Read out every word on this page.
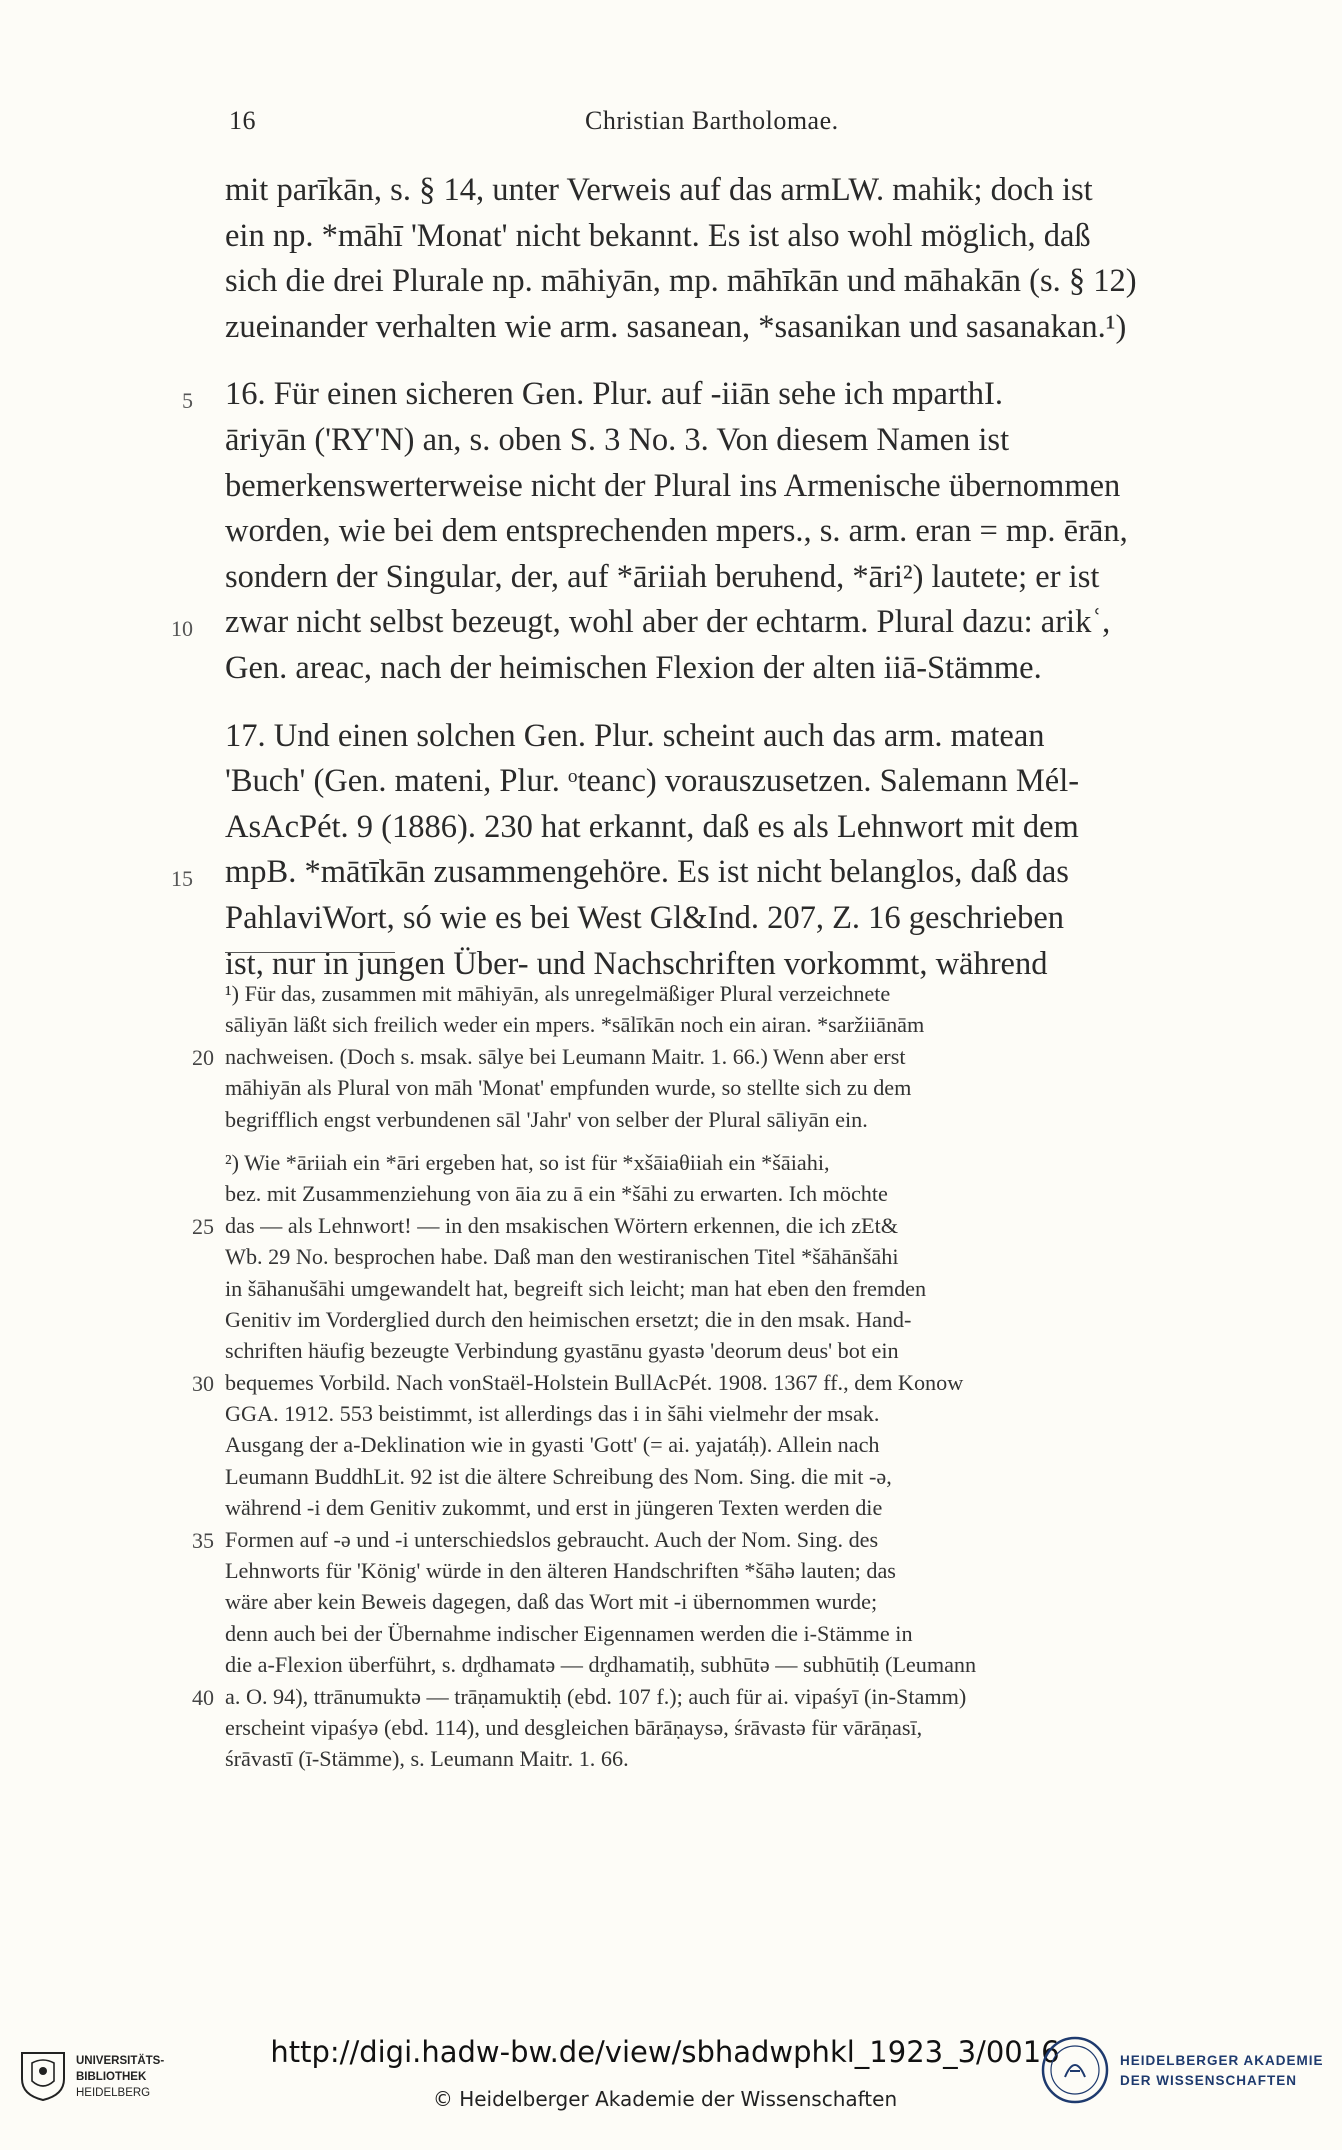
16	Christian Bartholomae.
mit parīkān, s. § 14, unter Verweis auf das armLW. mahik; doch ist
ein np. *māhī 'Monat' nicht bekannt. Es ist also wohl möglich, daß
sich die drei Plurale np. māhiyān, mp. māhīkān und māhakān (s. § 12)
zueinander verhalten wie arm. sasanean, *sasanikan und sasanakan.¹)
16. Für einen sicheren Gen. Plur. auf -iiān sehe ich mparthI.
5
āriyān ('RY'N) an, s. oben S. 3 No. 3. Von diesem Namen ist
bemerkenswerterweise nicht der Plural ins Armenische übernommen
worden, wie bei dem entsprechenden mpers., s. arm. eran = mp. ērān,
sondern der Singular, der, auf *āriiah beruhend, *āri²) lautete; er ist
zwar nicht selbst bezeugt, wohl aber der echtarm. Plural dazu: arikʿ,
10
Gen. areac, nach der heimischen Flexion der alten iiā-Stämme.
17. Und einen solchen Gen. Plur. scheint auch das arm. matean
'Buch' (Gen. mateni, Plur. ᵒteanc) vorauszusetzen. Salemann Mél-
AsAcPét. 9 (1886). 230 hat erkannt, daß es als Lehnwort mit dem
mpB. *mātīkān zusammengehöre. Es ist nicht belanglos, daß das
15
PahlaviWort, só wie es bei West Gl&Ind. 207, Z. 16 geschrieben
ist, nur in jungen Über- und Nachschriften vorkommt, während
¹) Für das, zusammen mit māhiyān, als unregelmäßiger Plural verzeichnete
sāliyān läßt sich freilich weder ein mpers. *sālīkān noch ein airan. *saržiiānām
nachweisen. (Doch s. msak. sālye bei Leumann Maitr. 1. 66.) Wenn aber erst
20
māhiyān als Plural von māh 'Monat' empfunden wurde, so stellte sich zu dem
begrifflich engst verbundenen sāl 'Jahr' von selber der Plural sāliyān ein.
²) Wie *āriiah ein *āri ergeben hat, so ist für *xšāiaθiiah ein *šāiahi,
bez. mit Zusammenziehung von āia zu ā ein *šāhi zu erwarten. Ich möchte
das — als Lehnwort! — in den msakischen Wörtern erkennen, die ich zEt&
25
Wb. 29 No. besprochen habe. Daß man den westiranischen Titel *šāhānšāhi
in šāhanušāhi umgewandelt hat, begreift sich leicht; man hat eben den fremden
Genitiv im Vorderglied durch den heimischen ersetzt; die in den msak. Hand-
schriften häufig bezeugte Verbindung gyastānu gyastə 'deorum deus' bot ein
bequemes Vorbild. Nach vonStaël-Holstein BullAcPét. 1908. 1367 ff., dem Konow
30
GGA. 1912. 553 beistimmt, ist allerdings das i in šāhi vielmehr der msak.
Ausgang der a-Deklination wie in gyasti 'Gott' (= ai. yajatáḥ). Allein nach
Leumann BuddhLit. 92 ist die ältere Schreibung des Nom. Sing. die mit -ə,
während -i dem Genitiv zukommt, und erst in jüngeren Texten werden die
Formen auf -ə und -i unterschiedslos gebraucht. Auch der Nom. Sing. des
35
Lehnworts für 'König' würde in den älteren Handschriften *šāhə lauten; das
wäre aber kein Beweis dagegen, daß das Wort mit -i übernommen wurde;
denn auch bei der Übernahme indischer Eigennamen werden die i-Stämme in
die a-Flexion überführt, s. dr̥dhamatə — dr̥dhamatiḥ, subhūtə — subhūtiḥ (Leumann
a. O. 94), ttrānumuktə — trāṇamuktiḥ (ebd. 107 f.); auch für ai. vipaśyī (in-Stamm)
40
erscheint vipaśyə (ebd. 114), und desgleichen bārāṇaysə, śrāvastə für vārāṇasī,
śrāvastī (ī-Stämme), s. Leumann Maitr. 1. 66.
UNIVERSITÄTS-
BIBLIOTHEK
HEIDELBERG
http://digi.hadw-bw.de/view/sbhadwphkl_1923_3/0016
© Heidelberger Akademie der Wissenschaften
HEIDELBERGER AKADEMIE
DER WISSENSCHAFTEN
